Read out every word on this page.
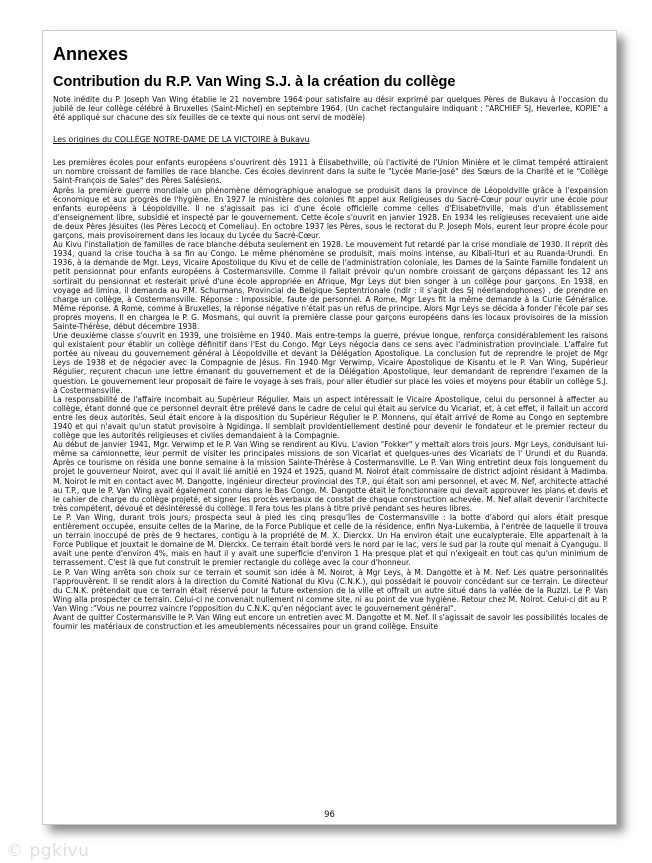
Annexes
Contribution du R.P. Van Wing S.J. à la création du collège

Note inédite du P. Joseph Van Wing établie le 21 novembre 1964 pour satisfaire au désir exprimé par quelques Pères de Bukavu à l'occasion du jubilé de leur collège célébré à Bruxelles (Saint-Michel) en septembre 1964. (Un cachet rectangulaire indiquant : "ARCHIEF SJ, Heverlee, KOPIE" a été appliqué sur chacune des six feuilles de ce texte qui nous ont servi de modèle)

Les origines du COLLÈGE NOTRE-DAME DE LA VICTOIRE à Bukavu

Les premières écoles pour enfants européens s'ouvrirent dès 1911 à Élisabethville, où l'activité de l'Union Minière et le climat tempéré attiraient un nombre croissant de familles de race blanche. Ces écoles devinrent dans la suite le "Lycée Marie-José" des Sœurs de la Charité et le "Collège Saint-François de Sales" des Pères Salésiens.

Après la première guerre mondiale un phénomène démographique analogue se produisit dans la province de Léopoldville grâce à l'expansion économique et aux progrès de l'hygiène. En 1927 le ministère des colonies fit appel aux Religieuses du Sacré-Cœur pour ouvrir une école pour enfants européens à Léopoldville. Il ne s'agissait pas ici d'une école officielle comme celles d'Élisabethville, mais d'un établissement d'enseignement libre, subsidié et inspecté par le gouvernement. Cette école s'ouvrit en janvier 1928. En 1934 les religieuses recevaient une aide de deux Pères Jésuites (les Pères Lecocq et Comeliau). En octobre 1937 les Pères, sous le rectorat du P. Joseph Mols, eurent leur propre école pour garçons, mais provisoirement dans les locaux du Lycée du Sacré-Cœur.

Au Kivu l'installation de familles de race blanche débuta seulement en 1928. Le mouvement fut retardé par la crise mondiale de 1930. Il reprit dès 1934, quand la crise toucha à sa fin au Congo. Le même phénomène se produisit, mais moins intense, au Kibali-Ituri et au Ruanda-Urundi. En 1936, à la demande de Mgr. Leys, Vicaire Apostolique du Kivu et de celle de l'administration coloniale, les Dames de la Sainte Famille fondaient un petit pensionnat pour enfants européens à Costermansville. Comme il fallait prévoir qu'un nombre croissant de garçons dépassant les 12 ans sortirait du pensionnat et resterait privé d'une école appropriée en Afrique, Mgr Leys dut bien songer à un collège pour garçons. En 1938, en voyage ad limina, il demanda au P.M. Schurmans, Provincial de Belgique Septentrionale (ndlr : il s'agit des SJ néerlandophones) , de prendre en charge un collège, à Costermansville. Réponse : Impossible, faute de personnel. A Rome, Mgr Leys fit la même demande à la Curie Généralice. Même réponse. A Rome, comme à Bruxelles, la réponse négative n'était pas un refus de principe. Alors Mgr Leys se décida à fonder l'école par ses propres moyens. Il en chargea le P. G. Mosmans, qui ouvrit la première classe pour garçons européens dans les locaux provisoires de la mission Sainte-Thérèse, début décembre 1938.

Une deuxième classe s'ouvrit en 1939, une troisième en 1940. Mais entre-temps la guerre, prévue longue, renforça considérablement les raisons qui existaient pour établir un collège définitif dans l'Est du Congo. Mgr Leys négocia dans ce sens avec l'administration provinciale. L'affaire fut portée au niveau du gouvernement général à Léopoldville et devant la Délégation Apostolique. La conclusion fut de reprendre le projet de Mgr Leys de 1938 et de négocier avec la Compagnie de Jésus. Fin 1940 Mgr Verwimp, Vicaire Apostolique de Kisantu et le P. Van Wing, Supérieur Régulier, reçurent chacun une lettre émanant du gouvernement et de la Délégation Apostolique, leur demandant de reprendre l'examen de la question. Le gouvernement leur proposait de faire le voyage à ses frais, pour aller étudier sur place les voies et moyens pour établir un collège S.J. à Costermansville.

La responsabilité de l'affaire incombait au Supérieur Régulier. Mais un aspect intéressait le Vicaire Apostolique, celui du personnel à affecter au collège, étant donné que ce personnel devrait être prélevé dans le cadre de celui qui était au service du Vicariat, et, à cet effet, il fallait un accord entre les deux autorités. Seul était encore à la disposition du Supérieur Régulier le P. Monnens, qui était arrivé de Rome au Congo en septembre 1940 et qui n'avait qu'un statut provisoire à Ngidinga. Il semblait providentiellement destiné pour devenir le fondateur et le premier recteur du collège que les autorités religieuses et civiles demandaient à la Compagnie.

Au début de janvier 1941, Mgr. Verwimp et le P. Van Wing se rendirent au Kivu. L'avion "Fokker" y mettait alors trois jours. Mgr Leys, conduisant lui-même sa camionnette, leur permit de visiter les principales missions de son Vicariat et quelques-unes des Vicariats de l' Urundi et du Ruanda. Après ce tourisme on résida une bonne semaine à la mission Sainte-Thérèse à Costermansville. Le P. Van Wing entretint deux fois longuement du projet le gouverneur Noirot, avec qui il avait lié amitié en 1924 et 1925, quand M. Noirot était commissaire de district adjoint résidant à Madimba. M. Noirot le mit en contact avec M. Dangotte, ingénieur directeur provincial des T.P., qui était son ami personnel, et avec M. Nef, architecte attaché au T.P., que le P. Van Wing avait également connu dans le Bas Congo. M. Dangotte était le fonctionnaire qui devait approuver les plans et devis et le cahier de charge du collège projeté, et signer les procès verbaux de constat de chaque construction achevée. M. Nef allait devenir l'architecte très compétent, dévoué et désintéressé du collège. Il fera tous les plans à titre privé pendant ses heures libres.

Le P. Van Wing, durant trois jours, prospecta seul à pied les cinq presqu'îles de Costermansville : la botte d'abord qui alors était presque entièrement occupée, ensuite celles de la Marine, de la Force Publique et celle de la résidence, enfin Nya-Lukemba, à l'entrée de laquelle il trouva un terrain inoccupé de près de 9 hectares, contigu à la propriété de M. X. Dierckx. Un Ha environ était une eucalypteraie. Elle appartenait à la Force Publique et jouxtait le domaine de M. Dierckx. Ce terrain était bordé vers le nord par le lac, vers le sud par la route qui menait à Cyangugu. Il avait une pente d'environ 4%, mais en haut il y avait une superficie d'environ 1 Ha presque plat et qui n'exigeait en tout cas qu'un minimum de terrassement. C'est là que fut construit le premier rectangle du collège avec la cour d'honneur.

Le P. Van Wing arrêta son choix sur ce terrain et soumit son idée à M. Noirot, à Mgr Leys, à M. Dangotte et à M. Nef. Les quatre personnalités l'approuvèrent. Il se rendit alors à la direction du Comité National du Kivu (C.N.K.), qui possédait le pouvoir concédant sur ce terrain. Le directeur du C.N.K. prétendait que ce terrain était réservé pour la future extension de la ville et offrait un autre situé dans la vallée de la Ruzizi. Le P. Van Wing alla prospecter ce terrain. Celui-ci ne convenait nullement ni comme site, ni au point de vue hygiène. Retour chez M. Noirot. Celui-ci dit au P. Van Wing :"Vous ne pourrez vaincre l'opposition du C.N.K. qu'en négociant avec le gouvernement général".

Avant de quitter Costermansville le P. Van Wing eut encore un entretien avec M. Dangotte et M. Nef. Il s'agissait de savoir les possibilités locales de fournir les matériaux de construction et les ameublements nécessaires pour un grand collège. Ensuite

96
© pgkivu
